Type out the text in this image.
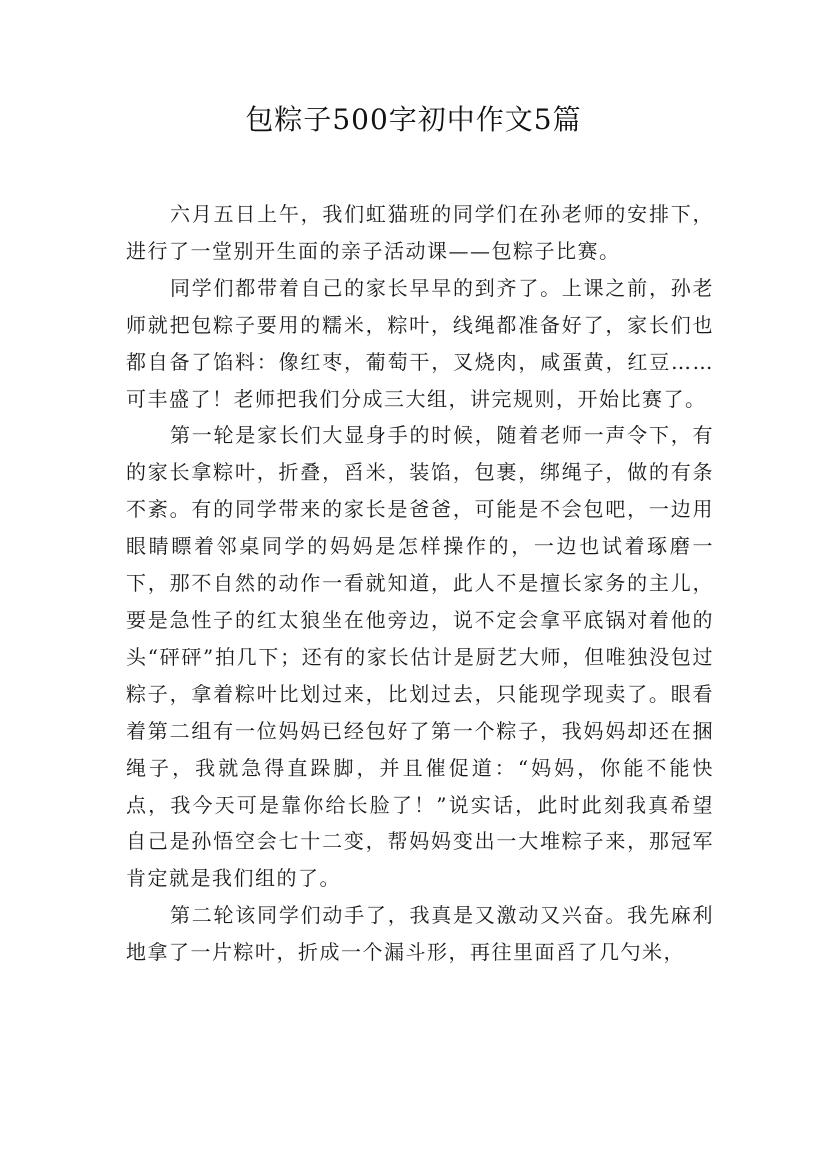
包粽子500字初中作文5篇

六月五日上午，我们虹猫班的同学们在孙老师的安排下，进行了一堂别开生面的亲子活动课——包粽子比赛。

同学们都带着自己的家长早早的到齐了。上课之前，孙老师就把包粽子要用的糯米，粽叶，线绳都准备好了，家长们也都自备了馅料：像红枣，葡萄干，叉烧肉，咸蛋黄，红豆……可丰盛了！老师把我们分成三大组，讲完规则，开始比赛了。

第一轮是家长们大显身手的时候，随着老师一声令下，有的家长拿粽叶，折叠，舀米，装馅，包裹，绑绳子，做的有条不紊。有的同学带来的家长是爸爸，可能是不会包吧，一边用眼睛瞟着邻桌同学的妈妈是怎样操作的，一边也试着琢磨一下，那不自然的动作一看就知道，此人不是擅长家务的主儿，要是急性子的红太狼坐在他旁边，说不定会拿平底锅对着他的头“砰砰”拍几下；还有的家长估计是厨艺大师，但唯独没包过粽子，拿着粽叶比划过来，比划过去，只能现学现卖了。眼看着第二组有一位妈妈已经包好了第一个粽子，我妈妈却还在捆绳子，我就急得直跺脚，并且催促道：“妈妈，你能不能快点，我今天可是靠你给长脸了！”说实话，此时此刻我真希望自己是孙悟空会七十二变，帮妈妈变出一大堆粽子来，那冠军肯定就是我们组的了。

第二轮该同学们动手了，我真是又激动又兴奋。我先麻利地拿了一片粽叶，折成一个漏斗形，再往里面舀了几勺米，
